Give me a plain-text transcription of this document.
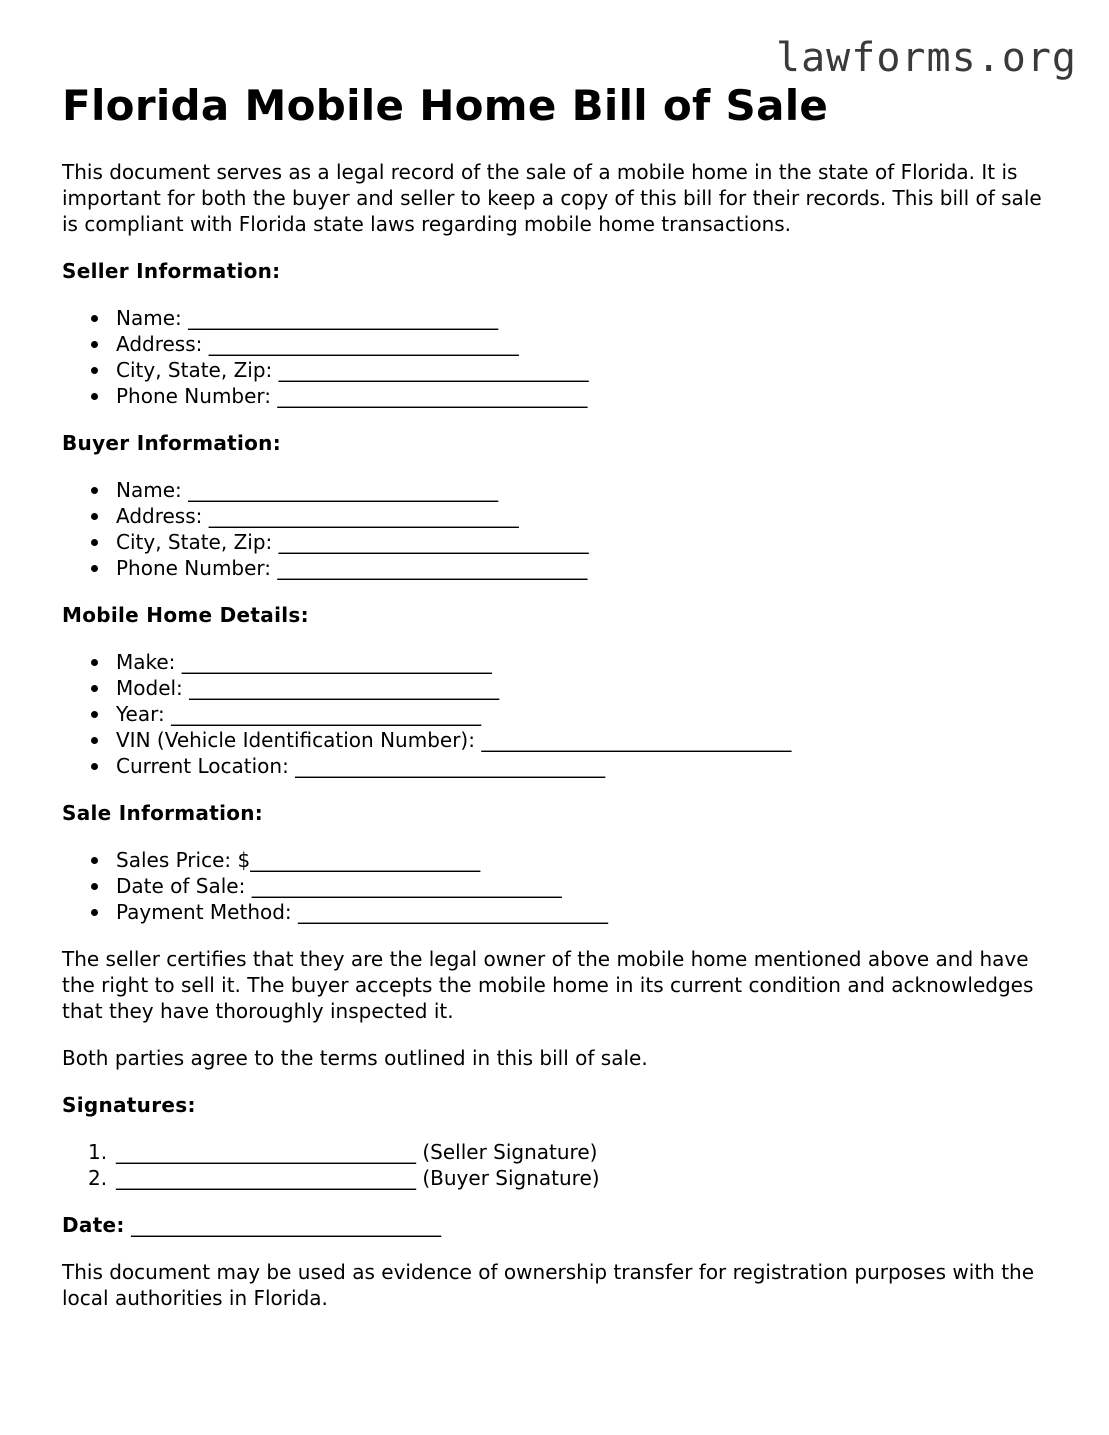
lawforms.org
Florida Mobile Home Bill of Sale

This document serves as a legal record of the sale of a mobile home in the state of Florida. It is important for both the buyer and seller to keep a copy of this bill for their records. This bill of sale is compliant with Florida state laws regarding mobile home transactions.

Seller Information:
Name: _______________________________
Address: _______________________________
City, State, Zip: _______________________________
Phone Number: _______________________________
Buyer Information:
Name: _______________________________
Address: _______________________________
City, State, Zip: _______________________________
Phone Number: _______________________________
Mobile Home Details:
Make: _______________________________
Model: _______________________________
Year: _______________________________
VIN (Vehicle Identification Number): _______________________________
Current Location: _______________________________
Sale Information:
Sales Price: $_______________________
Date of Sale: _______________________________
Payment Method: _______________________________

The seller certifies that they are the legal owner of the mobile home mentioned above and have the right to sell it. The buyer accepts the mobile home in its current condition and acknowledges that they have thoroughly inspected it.

Both parties agree to the terms outlined in this bill of sale.

Signatures:
1. ______________________________ (Seller Signature)
2. ______________________________ (Buyer Signature)
Date: _______________________________

This document may be used as evidence of ownership transfer for registration purposes with the local authorities in Florida.
